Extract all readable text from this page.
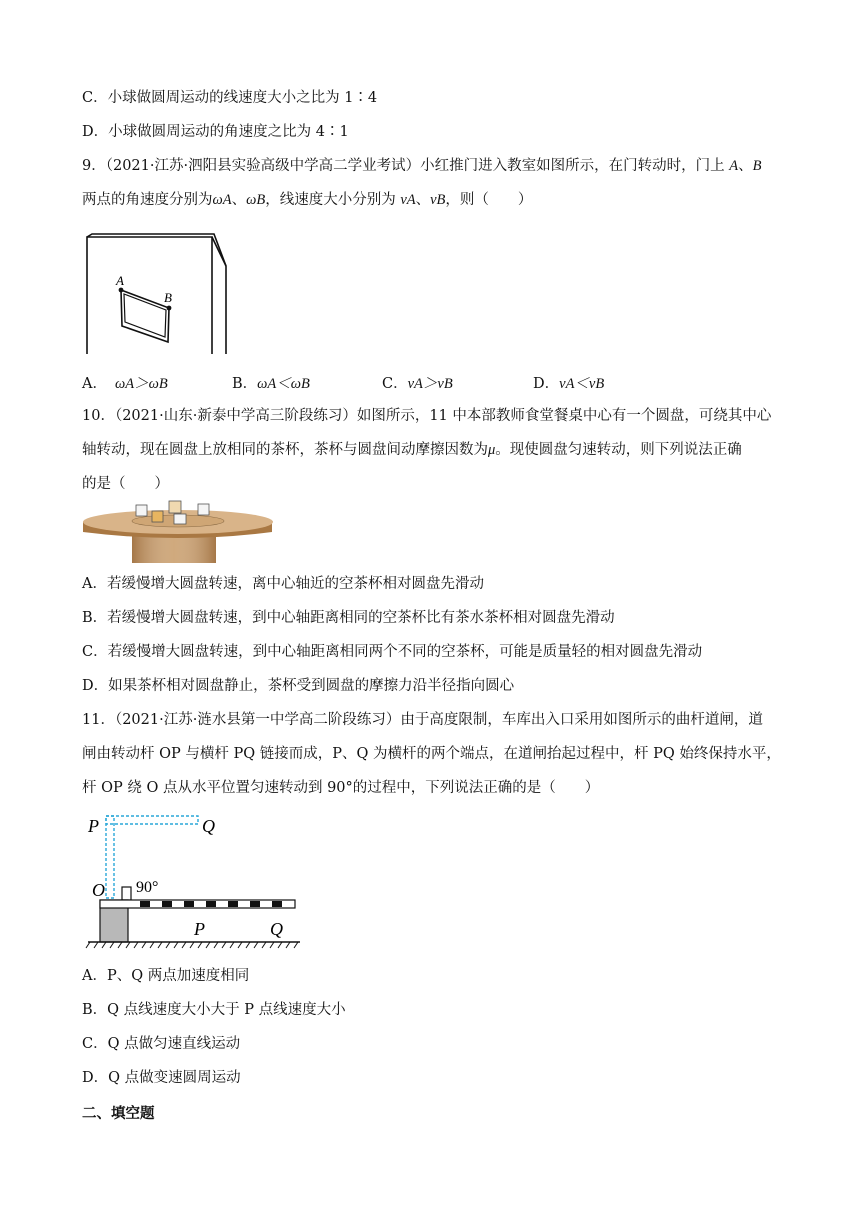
C．小球做圆周运动的线速度大小之比为 1∶4
D．小球做圆周运动的角速度之比为 4∶1
9．（2021·江苏·泗阳县实验高级中学高二学业考试）小红推门进入教室如图所示，在门转动时，门上 A、B
两点的角速度分别为ωA、ωB，线速度大小分别为 vA、vB，则（　　）
A
B
A． ωA＞ωB	B．ωA＜ωB	C．vA＞vB	D．vA＜vB
10．（2021·山东·新泰中学高三阶段练习）如图所示，11 中本部教师食堂餐桌中心有一个圆盘，可绕其中心
轴转动，现在圆盘上放相同的茶杯，茶杯与圆盘间动摩擦因数为μ。现使圆盘匀速转动，则下列说法正确
的是（　　）
A．若缓慢增大圆盘转速，离中心轴近的空茶杯相对圆盘先滑动
B．若缓慢增大圆盘转速，到中心轴距离相同的空茶杯比有茶水茶杯相对圆盘先滑动
C．若缓慢增大圆盘转速，到中心轴距离相同两个不同的空茶杯，可能是质量轻的相对圆盘先滑动
D．如果茶杯相对圆盘静止，茶杯受到圆盘的摩擦力沿半径指向圆心
11．（2021·江苏·涟水县第一中学高二阶段练习）由于高度限制，车库出入口采用如图所示的曲杆道闸，道
闸由转动杆 OP 与横杆 PQ 链接而成，P、Q 为横杆的两个端点，在道闸抬起过程中，杆 PQ 始终保持水平，
杆 OP 绕 O 点从水平位置匀速转动到 90°的过程中，下列说法正确的是（　　）
P	Q
O 90°
P	Q
A．P、Q 两点加速度相同
B．Q 点线速度大小大于 P 点线速度大小
C．Q 点做匀速直线运动
D．Q 点做变速圆周运动
二、填空题
